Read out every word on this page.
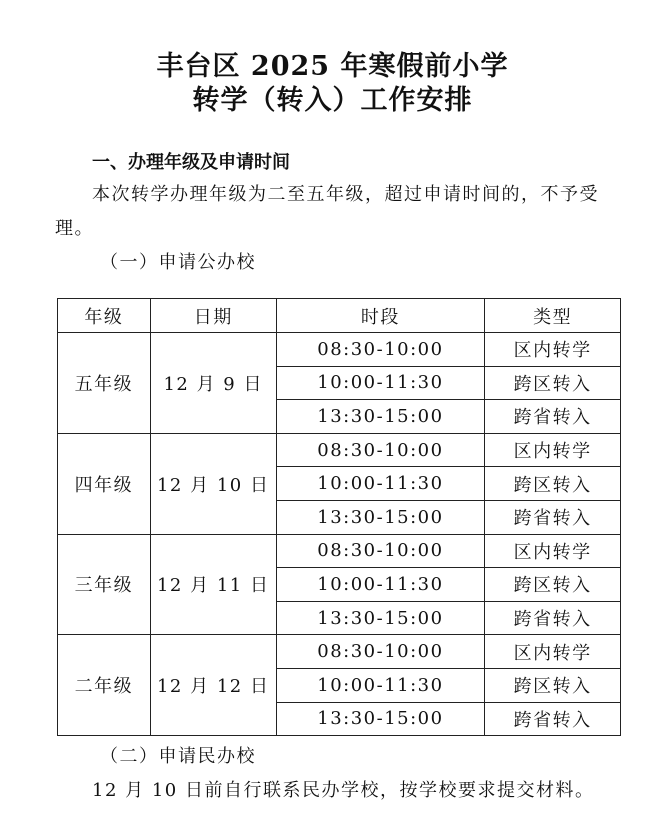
丰台区 2025 年寒假前小学
转学（转入）工作安排
一、办理年级及申请时间
本次转学办理年级为二至五年级，超过申请时间的，不予受
理。
（一）申请公办校
年级	日期	时段	类型
五年级	12 月 9 日	08:30-10:00	区内转学
		10:00-11:30	跨区转入
		13:30-15:00	跨省转入
四年级	12 月 10 日	08:30-10:00	区内转学
		10:00-11:30	跨区转入
		13:30-15:00	跨省转入
三年级	12 月 11 日	08:30-10:00	区内转学
		10:00-11:30	跨区转入
		13:30-15:00	跨省转入
二年级	12 月 12 日	08:30-10:00	区内转学
		10:00-11:30	跨区转入
		13:30-15:00	跨省转入
（二）申请民办校
12 月 10 日前自行联系民办学校，按学校要求提交材料。
